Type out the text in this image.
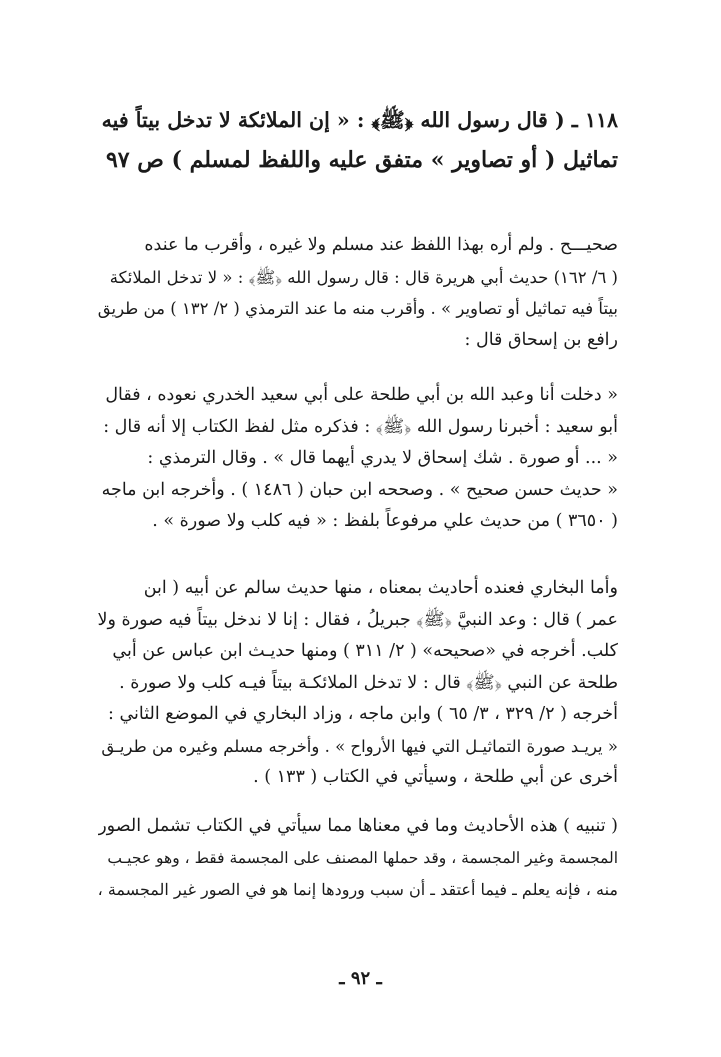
١١٨ ـ ( قال رسول الله ﴿ﷺ﴾ : « إن الملائكة لا تدخل بيتاً فيه
تماثيل ( أو تصاوير » متفق عليه واللفظ لمسلم ) ص ٩٧
صحيـــح . ولم أره بهذا اللفظ عند مسلم ولا غيره ، وأقرب ما عنده
( ٦/ ١٦٢) حديث أبي هريرة قال : قال رسول الله ﴿ﷺ﴾ : « لا تدخل الملائكة
بيتاً فيه تماثيل أو تصاوير » . وأقرب منه ما عند الترمذي ( ٢/ ١٣٢ ) من طريق
رافع بن إسحاق قال :
« دخلت أنا وعبد الله بن أبي طلحة على أبي سعيد الخدري نعوده ، فقال
أبو سعيد : أخبرنا رسول الله ﴿ﷺ﴾ : فذكره مثل لفظ الكتاب إلا أنه قال :
« ... أو صورة . شك إسحاق لا يدري أيهما قال » . وقال الترمذي :
« حديث حسن صحيح » . وصححه ابن حبان ( ١٤٨٦ ) . وأخرجه ابن ماجه
( ٣٦٥٠ ) من حديث علي مرفوعاً بلفظ : « فيه كلب ولا صورة » .
وأما البخاري فعنده أحاديث بمعناه ، منها حديث سالم عن أبيه ( ابن
عمر ) قال : وعد النبيَّ ﴿ﷺ﴾ جبريلُ ، فقال : إنا لا ندخل بيتاً فيه صورة ولا
كلب. أخرجه في «صحيحه» ( ٢/ ٣١١ ) ومنها حديـث ابن عباس عن أبي
طلحة عن النبي ﴿ﷺ﴾ قال : لا تدخل الملائكـة بيتاً فيـه كلب ولا صورة .
أخرجه ( ٢/ ٣٢٩ ، ٣/ ٦٥ ) وابن ماجه ، وزاد البخاري في الموضع الثاني :
« يريـد صورة التماثيـل التي فيها الأرواح » . وأخرجه مسلم وغيره من طريـق
أخرى عن أبي طلحة ، وسيأتي في الكتاب ( ١٣٣ ) .
( تنبيه ) هذه الأحاديث وما في معناها مما سيأتي في الكتاب تشمل الصور
المجسمة وغير المجسمة ، وقد حملها المصنف على المجسمة فقط ، وهو عجيـب
منه ، فإنه يعلم ـ فيما أعتقد ـ أن سبب ورودها إنما هو في الصور غير المجسمة ،
ـ ٩٢ ـ
